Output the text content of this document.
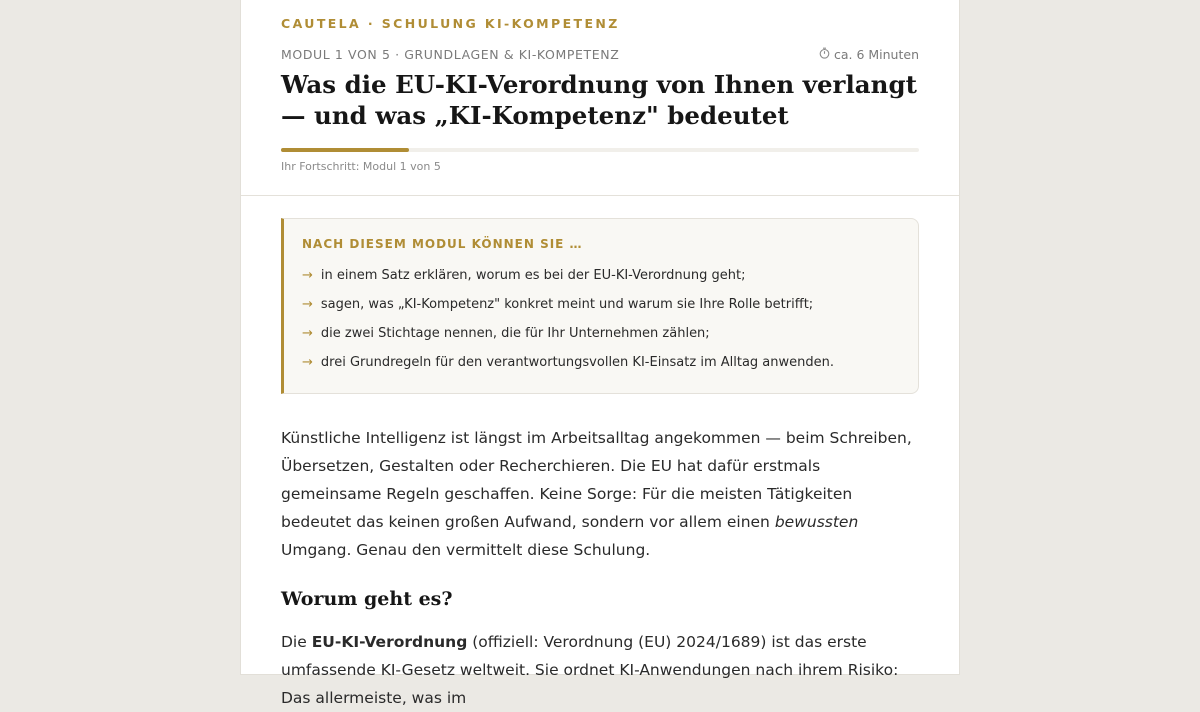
CAUTELA · SCHULUNG KI-KOMPETENZ
MODUL 1 VON 5 · GRUNDLAGEN & KI-KOMPETENZ	ca. 6 Minuten
Was die EU-KI-Verordnung von Ihnen verlangt — und was „KI-Kompetenz" bedeutet
Ihr Fortschritt: Modul 1 von 5
NACH DIESEM MODUL KÖNNEN SIE …
→ in einem Satz erklären, worum es bei der EU-KI-Verordnung geht;
→ sagen, was „KI-Kompetenz" konkret meint und warum sie Ihre Rolle betrifft;
→ die zwei Stichtage nennen, die für Ihr Unternehmen zählen;
→ drei Grundregeln für den verantwortungsvollen KI-Einsatz im Alltag anwenden.

Künstliche Intelligenz ist längst im Arbeitsalltag angekommen — beim Schreiben, Übersetzen, Gestalten oder Recherchieren. Die EU hat dafür erstmals gemeinsame Regeln geschaffen. Keine Sorge: Für die meisten Tätigkeiten bedeutet das keinen großen Aufwand, sondern vor allem einen bewussten Umgang. Genau den vermittelt diese Schulung.

Worum geht es?

Die EU-KI-Verordnung (offiziell: Verordnung (EU) 2024/1689) ist das erste umfassende KI-Gesetz weltweit. Sie ordnet KI-Anwendungen nach ihrem Risiko: Das allermeiste, was im
